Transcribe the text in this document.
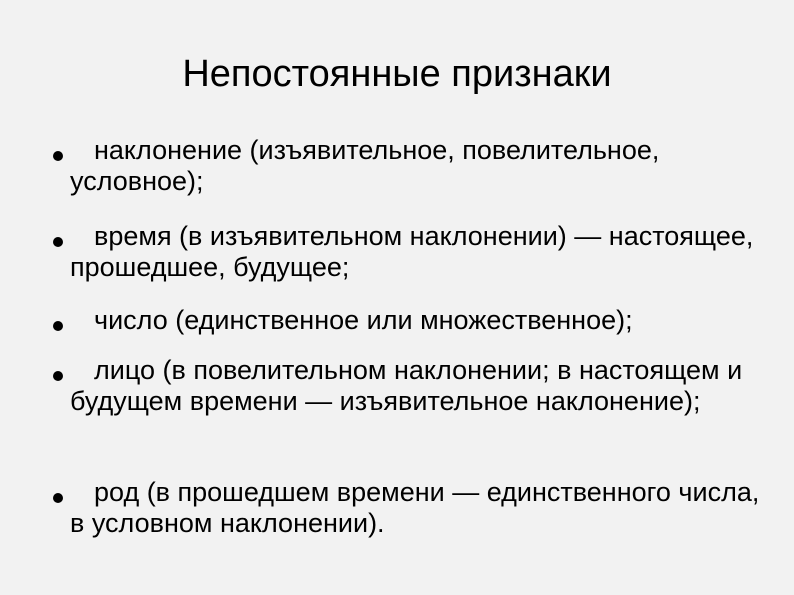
Непостоянные признаки
наклонение (изъявительное, повелительное, условное);
время (в изъявительном наклонении) — настоящее, прошедшее, будущее;
число (единственное или множественное);
лицо (в повелительном наклонении; в настоящем и будущем времени — изъявительное наклонение);
род (в прошедшем времени — единственного числа, в условном наклонении).
